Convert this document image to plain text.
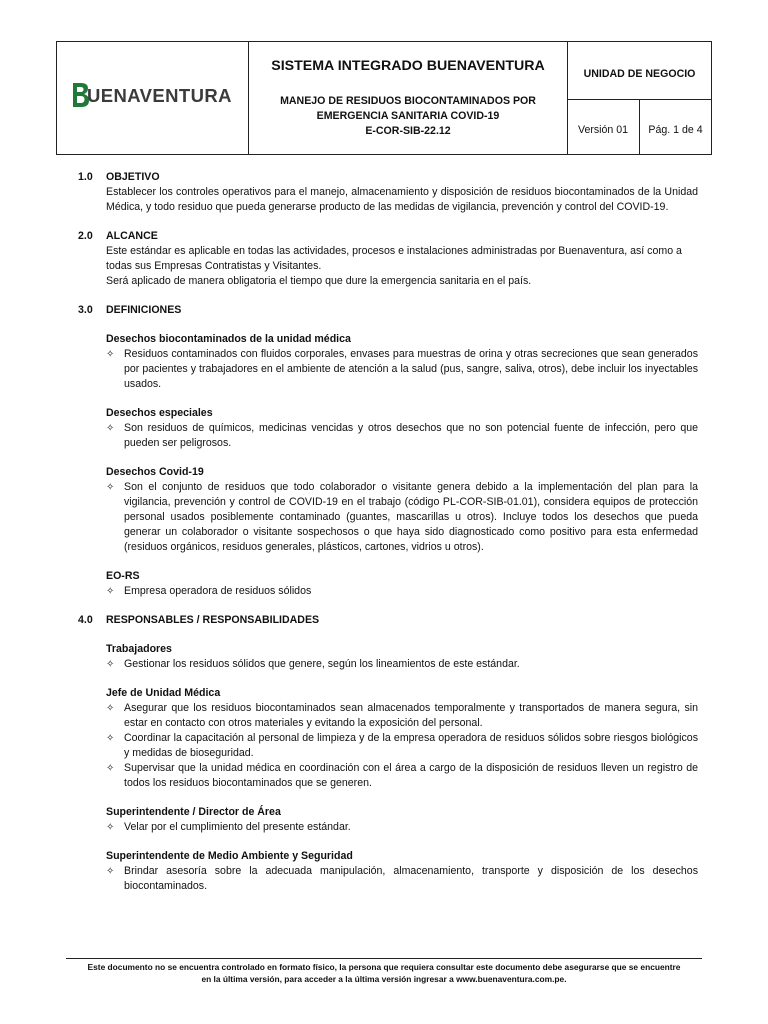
UENAVENTURA
SISTEMA INTEGRADO BUENAVENTURA
MANEJO DE RESIDUOS BIOCONTAMINADOS POR
EMERGENCIA SANITARIA COVID-19
E-COR-SIB-22.12
UNIDAD DE NEGOCIO
Versión 01	Pág. 1 de 4
1.0 OBJETIVO
Establecer los controles operativos para el manejo, almacenamiento y disposición de residuos biocontaminados de la Unidad Médica, y todo residuo que pueda generarse producto de las medidas de vigilancia, prevención y control del COVID-19.
2.0 ALCANCE
Este estándar es aplicable en todas las actividades, procesos e instalaciones administradas por Buenaventura, así como a todas sus Empresas Contratistas y Visitantes.
Será aplicado de manera obligatoria el tiempo que dure la emergencia sanitaria en el país.
3.0 DEFINICIONES
Desechos biocontaminados de la unidad médica
✧ Residuos contaminados con fluidos corporales, envases para muestras de orina y otras secreciones que sean generados por pacientes y trabajadores en el ambiente de atención a la salud (pus, sangre, saliva, otros), debe incluir los inyectables usados.
Desechos especiales
✧ Son residuos de químicos, medicinas vencidas y otros desechos que no son potencial fuente de infección, pero que pueden ser peligrosos.
Desechos Covid-19
✧ Son el conjunto de residuos que todo colaborador o visitante genera debido a la implementación del plan para la vigilancia, prevención y control de COVID-19 en el trabajo (código PL-COR-SIB-01.01), considera equipos de protección personal usados posiblemente contaminado (guantes, mascarillas u otros). Incluye todos los desechos que pueda generar un colaborador o visitante sospechosos o que haya sido diagnosticado como positivo para esta enfermedad (residuos orgánicos, residuos generales, plásticos, cartones, vidrios u otros).
EO-RS
✧ Empresa operadora de residuos sólidos
4.0 RESPONSABLES / RESPONSABILIDADES
Trabajadores
✧ Gestionar los residuos sólidos que genere, según los lineamientos de este estándar.
Jefe de Unidad Médica
✧ Asegurar que los residuos biocontaminados sean almacenados temporalmente y transportados de manera segura, sin estar en contacto con otros materiales y evitando la exposición del personal.
✧ Coordinar la capacitación al personal de limpieza y de la empresa operadora de residuos sólidos sobre riesgos biológicos y medidas de bioseguridad.
✧ Supervisar que la unidad médica en coordinación con el área a cargo de la disposición de residuos lleven un registro de todos los residuos biocontaminados que se generen.
Superintendente / Director de Área
✧ Velar por el cumplimiento del presente estándar.
Superintendente de Medio Ambiente y Seguridad
✧ Brindar asesoría sobre la adecuada manipulación, almacenamiento, transporte y disposición de los desechos biocontaminados.
Este documento no se encuentra controlado en formato físico, la persona que requiera consultar este documento debe asegurarse que se encuentre
en la última versión, para acceder a la última versión ingresar a www.buenaventura.com.pe.
